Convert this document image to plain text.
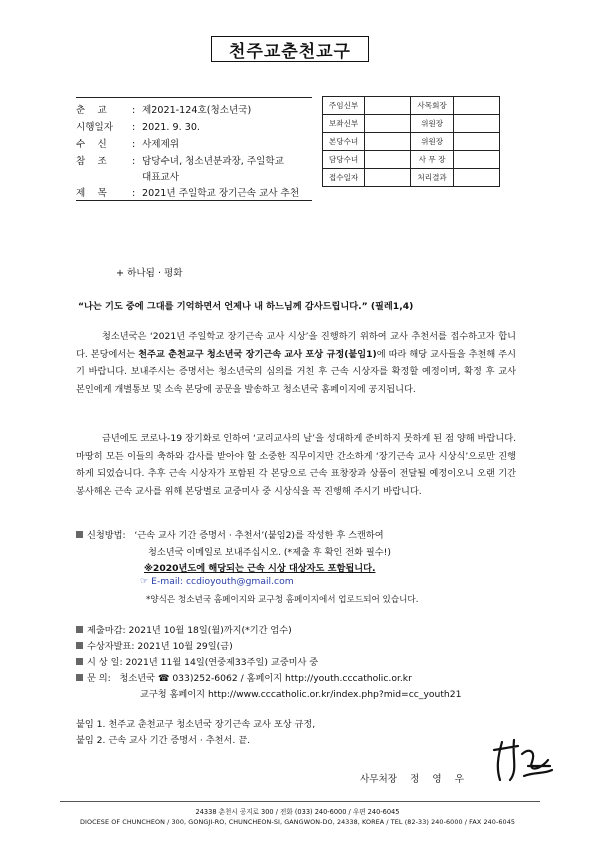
천주교춘천교구
춘    교	: 제2021-124호(청소년국)
시행일자	: 2021. 9. 30.
수    신	: 사제제위
참    조	: 담당수녀, 청소년분과장, 주일학교
대표교사
제    목	: 2021년 주일학교 장기근속 교사 추천
주임신부		사목회장	
보좌신부		위원장	
본당수녀		위원장	
담당수녀		사 무 장	
접수일자		처리결과	
+ 하나됨 · 평화
“나는 기도 중에 그대를 기억하면서 언제나 내 하느님께 감사드립니다.” (필레1,4)

청소년국은 ‘2021년 주일학교 장기근속 교사 시상’을 진행하기 위하여 교사 추천서를 접수하고자 합니다. 본당에서는 천주교 춘천교구 청소년국 장기근속 교사 포상 규정(붙임1)에 따라 해당 교사들을 추천해 주시기 바랍니다. 보내주시는 증명서는 청소년국의 심의를 거친 후 근속 시상자를 확정할 예정이며, 확정 후 교사 본인에게 개별통보 및 소속 본당에 공문을 발송하고 청소년국 홈페이지에 공지됩니다.

금년에도 코로나-19 장기화로 인하여 ‘교리교사의 날’을 성대하게 준비하지 못하게 된 점 양해 바랍니다. 마땅히 모든 이들의 축하와 감사를 받아야 할 소중한 직무이지만 간소하게 ‘장기근속 교사 시상식’으로만 진행하게 되었습니다. 추후 근속 시상자가 포함된 각 본당으로 근속 표창장과 상품이 전달될 예정이오니 오랜 기간 봉사해온 근속 교사를 위해 본당별로 교중미사 중 시상식을 꼭 진행해 주시기 바랍니다.

신청방법: ‘근속 교사 기간 증명서 · 추천서’(붙임2)를 작성한 후 스캔하여
청소년국 이메일로 보내주십시오. (*제출 후 확인 전화 필수!)
※2020년도에 해당되는 근속 시상 대상자도 포함됩니다.
☞ E-mail: ccdioyouth@gmail.com
*양식은 청소년국 홈페이지와 교구청 홈페이지에서 업로드되어 있습니다.
제출마감: 2021년 10월 18일(월)까지(*기간 엄수)
수상자발표: 2021년 10월 29일(금)
시 상 일: 2021년 11월 14일(연중제33주일) 교중미사 중
문 의: 청소년국 ☎ 033)252-6062 / 홈페이지 http://youth.cccatholic.or.kr
교구청 홈페이지 http://www.cccatholic.or.kr/index.php?mid=cc_youth21
붙임 1. 천주교 춘천교구 청소년국 장기근속 교사 포상 규정,
붙임 2. 근속 교사 기간 증명서 · 추천서. 끝.
사무처장 정 영 우
24338 춘천시 공지로 300 / 전화 (033) 240-6000 / 우편 240-6045
DIOCESE OF CHUNCHEON / 300, GONGJI-RO, CHUNCHEON-SI, GANGWON-DO, 24338, KOREA / TEL (82-33) 240-6000 / FAX 240-6045
